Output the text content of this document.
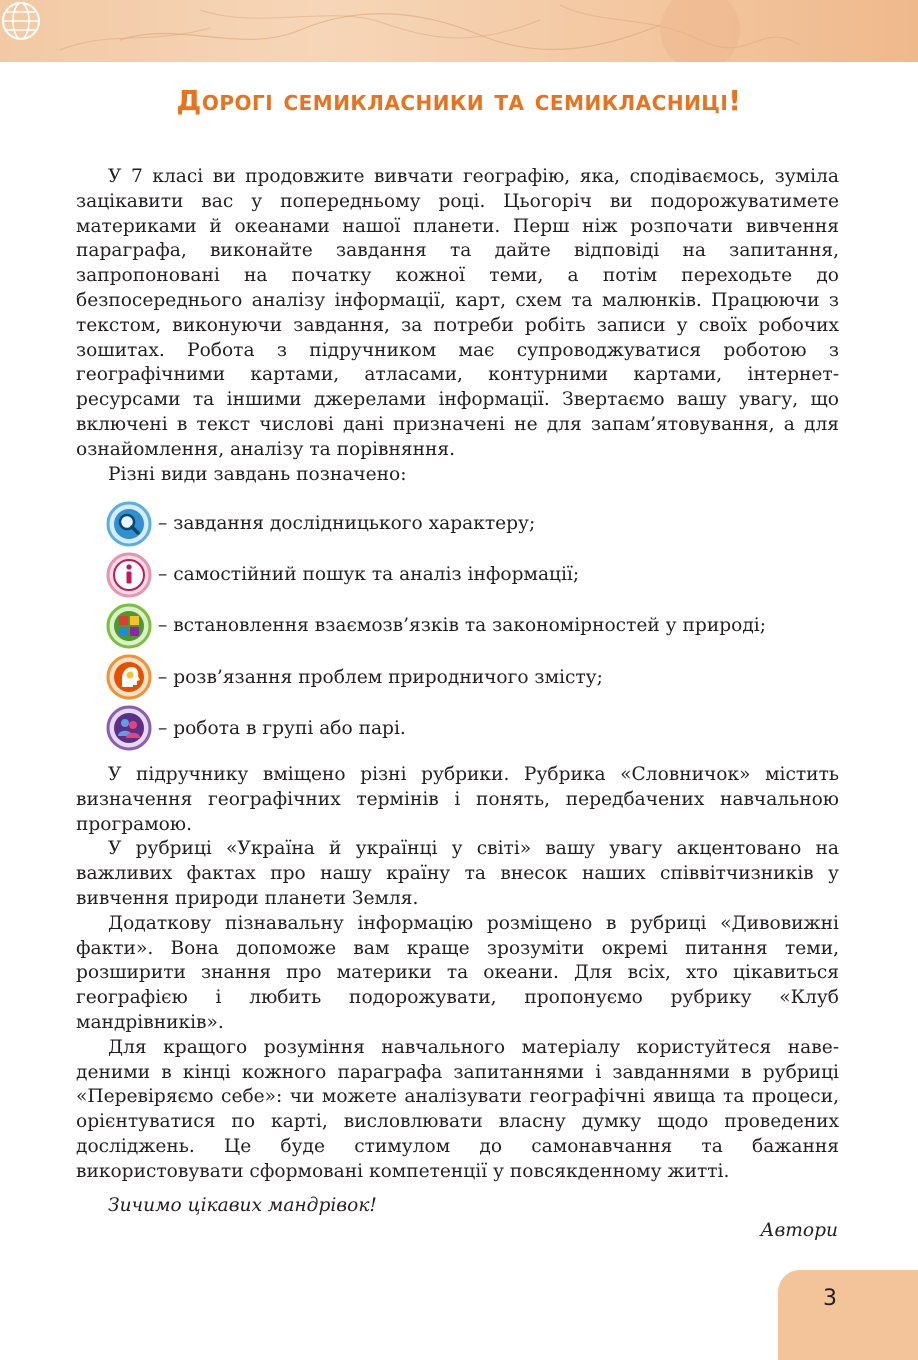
Дорогі семикласники та семикласниці!

У 7 класі ви продовжите вивчати географію, яка, сподіваємось, зуміла зацікавити вас у попередньому році. Цьогоріч ви подорожуватимете материками й океанами нашої планети. Перш ніж розпочати вивчення параграфа, виконайте завдання та дайте відповіді на запитання, запропоновані на початку кожної теми, а потім переходьте до безпосереднього аналізу інформації, карт, схем та малюнків. Працюючи з текстом, виконуючи завдання, за потреби робіть записи у своїх робочих зошитах. Робота з підручником має супроводжуватися роботою з географічними картами, атласами, контурними картами, інтернет-ресурсами та іншими джерелами інформації. Звертаємо вашу увагу, що включені в текст числові дані призначені не для запам’ятовування, а для ознайомлення, аналізу та порівняння.

Різні види завдань позначено:

– завдання дослідницького характеру;
– самостійний пошук та аналіз інформації;
– встановлення взаємозв’язків та закономірностей у природі;
– розв’язання проблем природничого змісту;
– робота в групі або парі.

У підручнику вміщено різні рубрики. Рубрика «Словничок» містить визначення географічних термінів і понять, передбачених навчальною програмою.

У рубриці «Україна й українці у світі» вашу увагу акцентовано на важливих фактах про нашу країну та внесок наших співвітчизників у вивчення природи планети Земля.

Додаткову пізнавальну інформацію розміщено в рубриці «Дивовижні факти». Вона допоможе вам краще зрозуміти окремі питання теми, розширити знання про материки та океани. Для всіх, хто цікавиться географією і любить подорожувати, пропонуємо рубрику «Клуб мандрівників».

Для кращого розуміння навчального матеріалу користуйтеся наведеними в кінці кожного параграфа запитаннями і завданнями в рубриці «Перевіряємо себе»: чи можете аналізувати географічні явища та процеси, орієнтуватися по карті, висловлювати власну думку щодо проведених досліджень. Це буде стимулом до самонавчання та бажання використовувати сформовані компетенції у повсякденному житті.

Зичимо цікавих мандрівок!
Автори
3
